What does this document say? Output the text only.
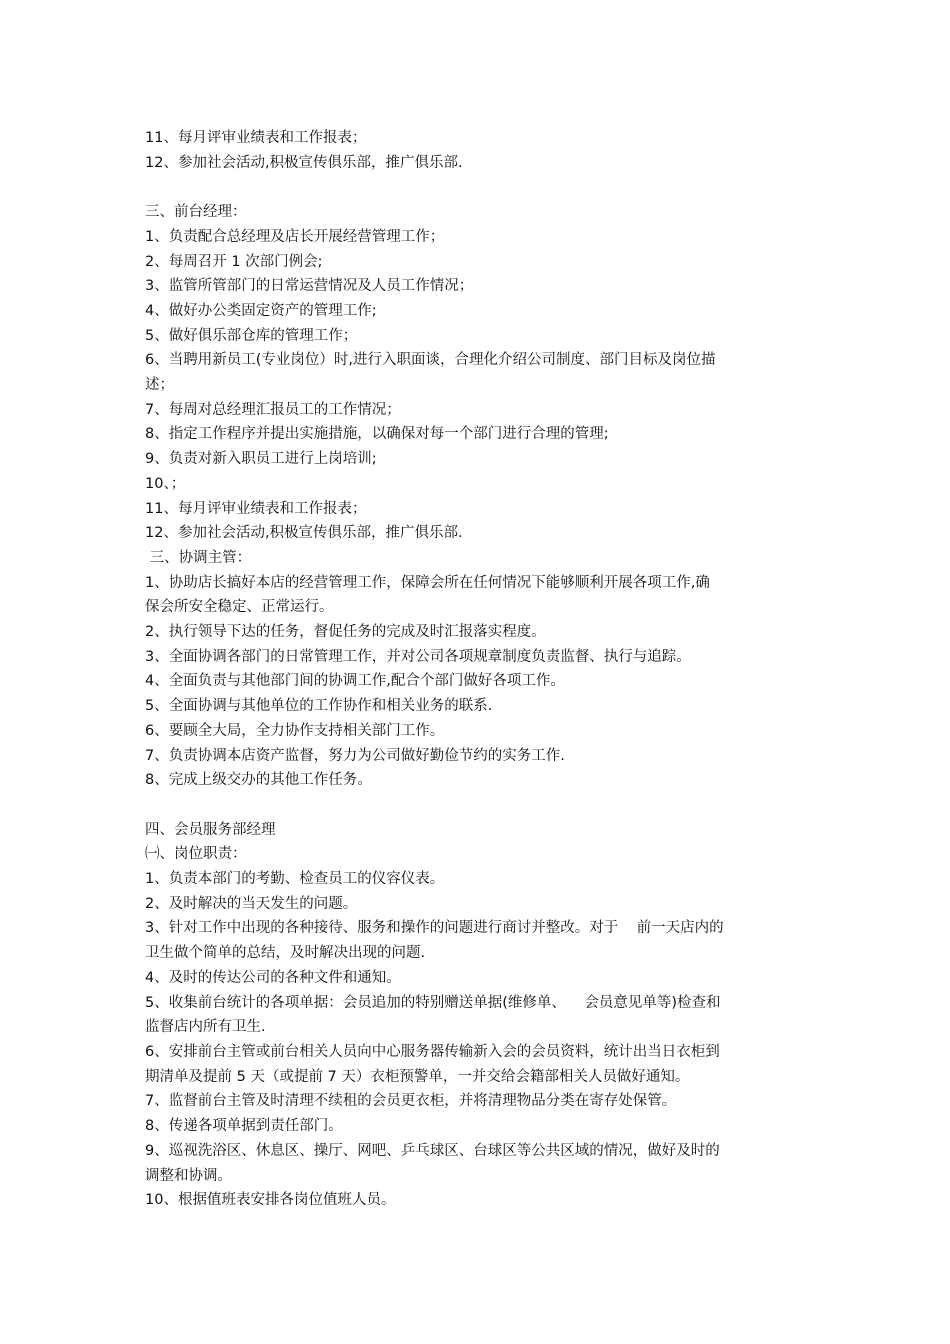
11、每月评审业绩表和工作报表；
12、参加社会活动,积极宣传俱乐部，推广俱乐部.
三、前台经理：
1、负责配合总经理及店长开展经营管理工作；
2、每周召开 1 次部门例会;
3、监管所管部门的日常运营情况及人员工作情况；
4、做好办公类固定资产的管理工作;
5、做好俱乐部仓库的管理工作；
6、当聘用新员工(专业岗位）时,进行入职面谈，合理化介绍公司制度、部门目标及岗位描
述；
7、每周对总经理汇报员工的工作情况；
8、指定工作程序并提出实施措施，以确保对每一个部门进行合理的管理;
9、负责对新入职员工进行上岗培训;
10、；
11、每月评审业绩表和工作报表；
12、参加社会活动,积极宣传俱乐部，推广俱乐部.
三、协调主管：
1、协助店长搞好本店的经营管理工作，保障会所在任何情况下能够顺利开展各项工作,确
保会所安全稳定、正常运行。
2、执行领导下达的任务，督促任务的完成及时汇报落实程度。
3、全面协调各部门的日常管理工作，并对公司各项规章制度负责监督、执行与追踪。
4、全面负责与其他部门间的协调工作,配合个部门做好各项工作。
5、全面协调与其他单位的工作协作和相关业务的联系.
6、要顾全大局，全力协作支持相关部门工作。
7、负责协调本店资产监督，努力为公司做好勤俭节约的实务工作.
8、完成上级交办的其他工作任务。
四、会员服务部经理
㈠、岗位职责：
1、负责本部门的考勤、检查员工的仪容仪表。
2、及时解决的当天发生的问题。
3、针对工作中出现的各种接待、服务和操作的问题进行商讨并整改。对于    前一天店内的
卫生做个简单的总结，及时解决出现的问题.
4、及时的传达公司的各种文件和通知。
5、收集前台统计的各项单据：会员追加的特别赠送单据(维修单、    会员意见单等)检查和
监督店内所有卫生.
6、安排前台主管或前台相关人员向中心服务器传输新入会的会员资料，统计出当日衣柜到
期清单及提前 5 天（或提前 7 天）衣柜预警单，一并交给会籍部相关人员做好通知。
7、监督前台主管及时清理不续租的会员更衣柜，并将清理物品分类在寄存处保管。
8、传递各项单据到责任部门。
9、巡视洗浴区、休息区、操厅、网吧、乒乓球区、台球区等公共区域的情况，做好及时的
调整和协调。
10、根据值班表安排各岗位值班人员。
